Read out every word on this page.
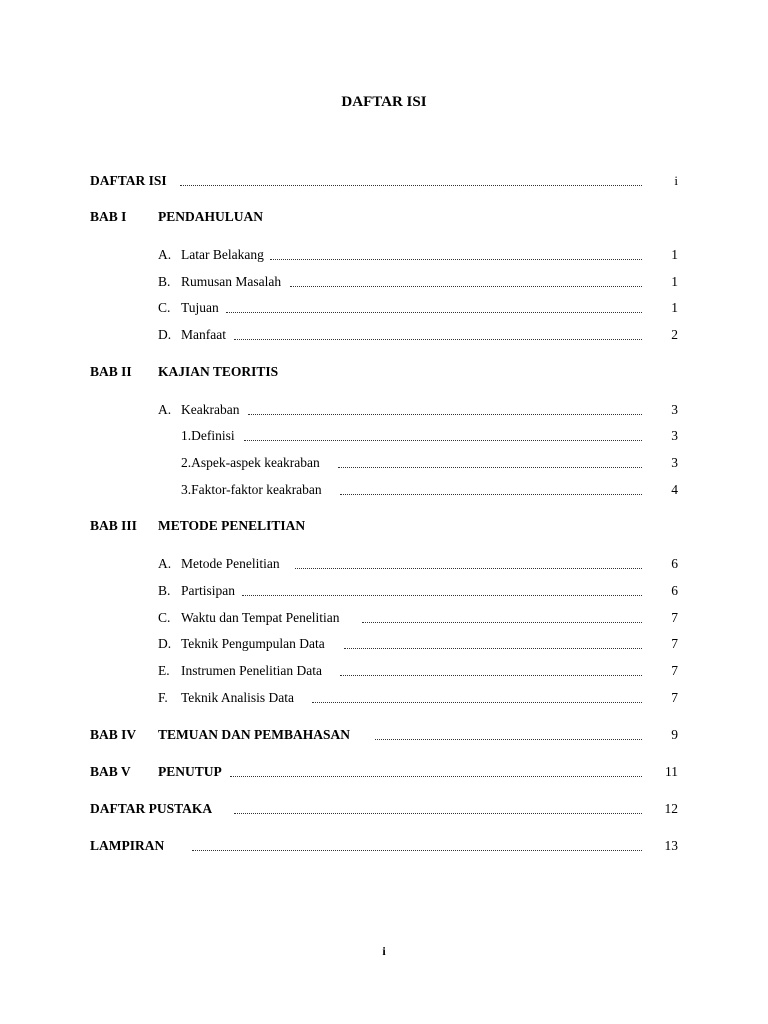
DAFTAR ISI
DAFTAR ISI	i
BAB I PENDAHULUAN
A. Latar Belakang	1
B. Rumusan Masalah	1
C. Tujuan	1
D. Manfaat	2
BAB II KAJIAN TEORITIS
A. Keakraban	3
1.Definisi	3
2.Aspek-aspek keakraban	3
3.Faktor-faktor keakraban	4
BAB III METODE PENELITIAN
A. Metode Penelitian	6
B. Partisipan	6
C. Waktu dan Tempat Penelitian	7
D. Teknik Pengumpulan Data	7
E. Instrumen Penelitian Data	7
F. Teknik Analisis Data	7
BAB IV TEMUAN DAN PEMBAHASAN	9
BAB V PENUTUP	11
DAFTAR PUSTAKA	12
LAMPIRAN	13
i
